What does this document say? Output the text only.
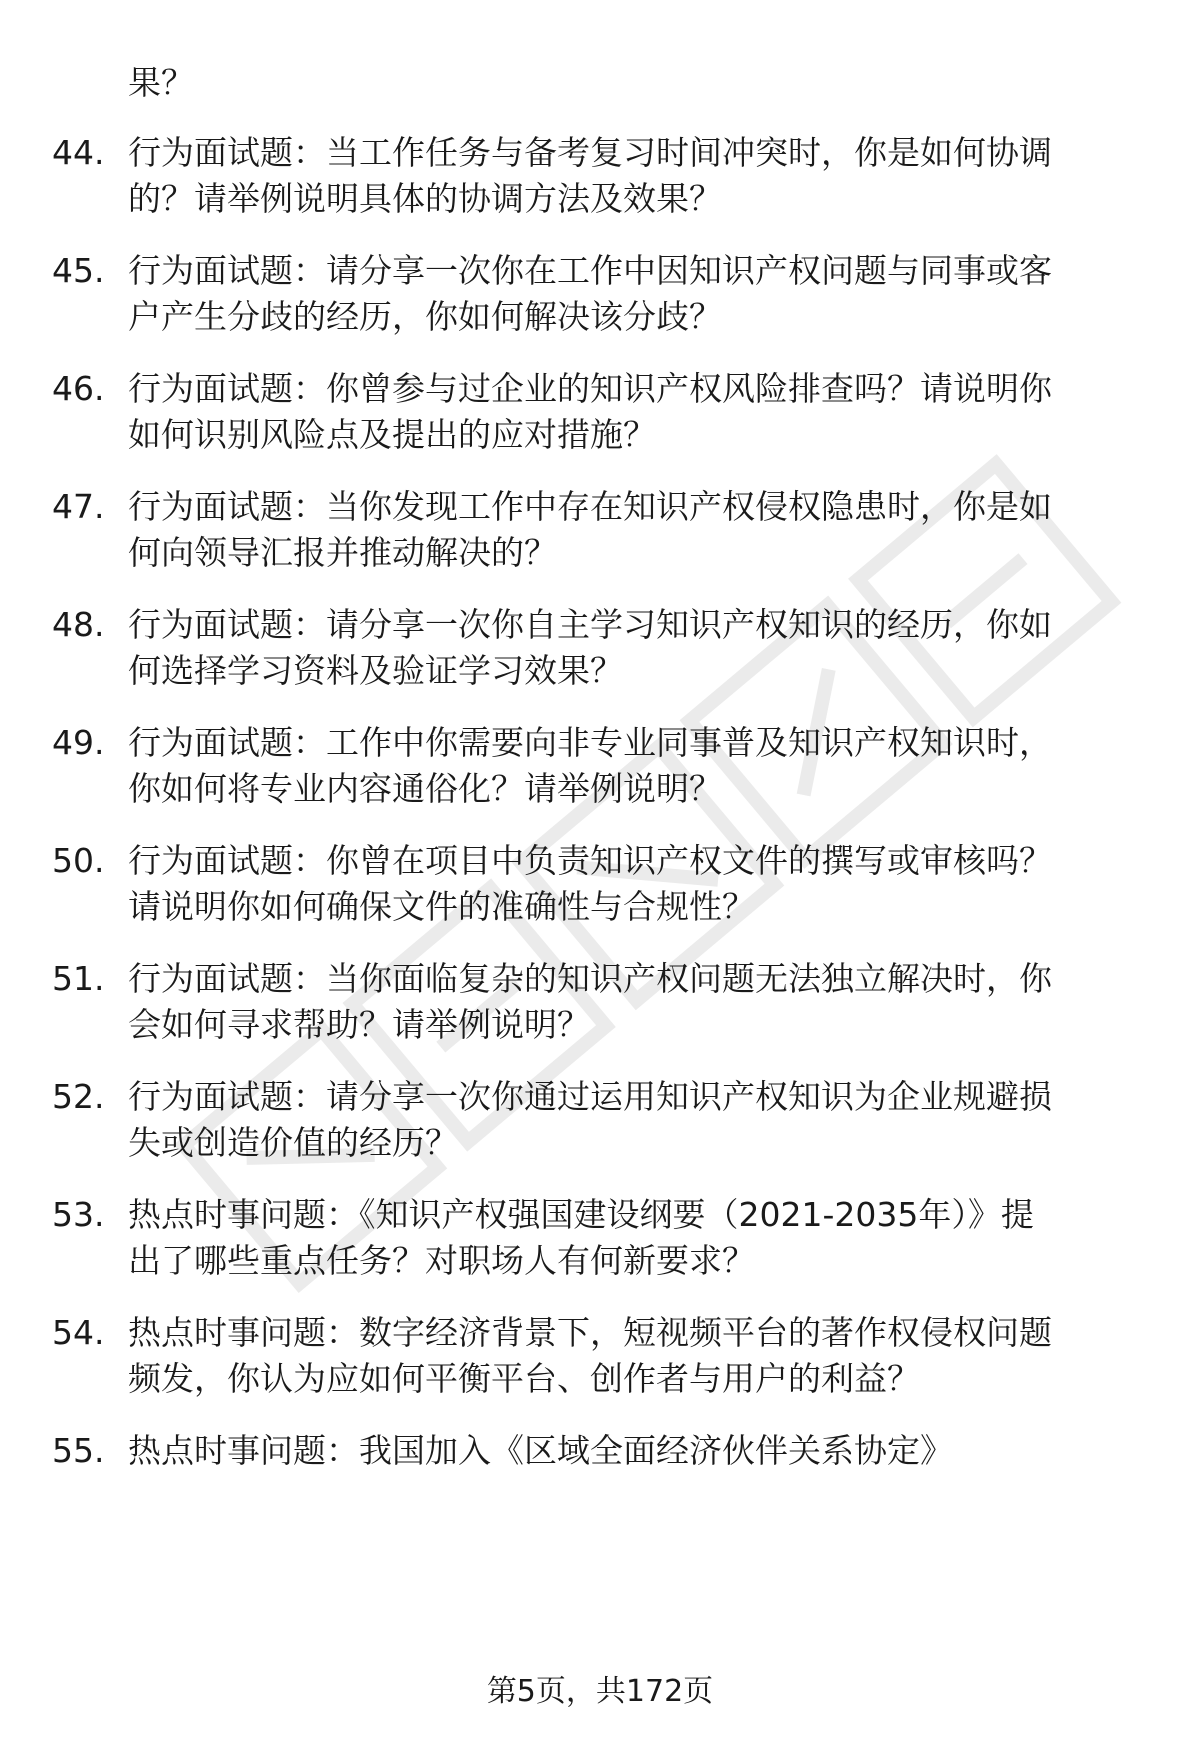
果？
44. 行为面试题：当工作任务与备考复习时间冲突时，你是如何协调
的？请举例说明具体的协调方法及效果？
45. 行为面试题：请分享一次你在工作中因知识产权问题与同事或客
户产生分歧的经历，你如何解决该分歧？
46. 行为面试题：你曾参与过企业的知识产权风险排查吗？请说明你
如何识别风险点及提出的应对措施？
47. 行为面试题：当你发现工作中存在知识产权侵权隐患时，你是如
何向领导汇报并推动解决的？
48. 行为面试题：请分享一次你自主学习知识产权知识的经历，你如
何选择学习资料及验证学习效果？
49. 行为面试题：工作中你需要向非专业同事普及知识产权知识时，
你如何将专业内容通俗化？请举例说明？
50. 行为面试题：你曾在项目中负责知识产权文件的撰写或审核吗？
请说明你如何确保文件的准确性与合规性？
51. 行为面试题：当你面临复杂的知识产权问题无法独立解决时，你
会如何寻求帮助？请举例说明？
52. 行为面试题：请分享一次你通过运用知识产权知识为企业规避损
失或创造价值的经历？
53. 热点时事问题：《知识产权强国建设纲要（2021-2035年）》提
出了哪些重点任务？对职场人有何新要求？
54. 热点时事问题：数字经济背景下，短视频平台的著作权侵权问题
频发，你认为应如何平衡平台、创作者与用户的利益？
55. 热点时事问题：我国加入《区域全面经济伙伴关系协定》
第5页，共172页
